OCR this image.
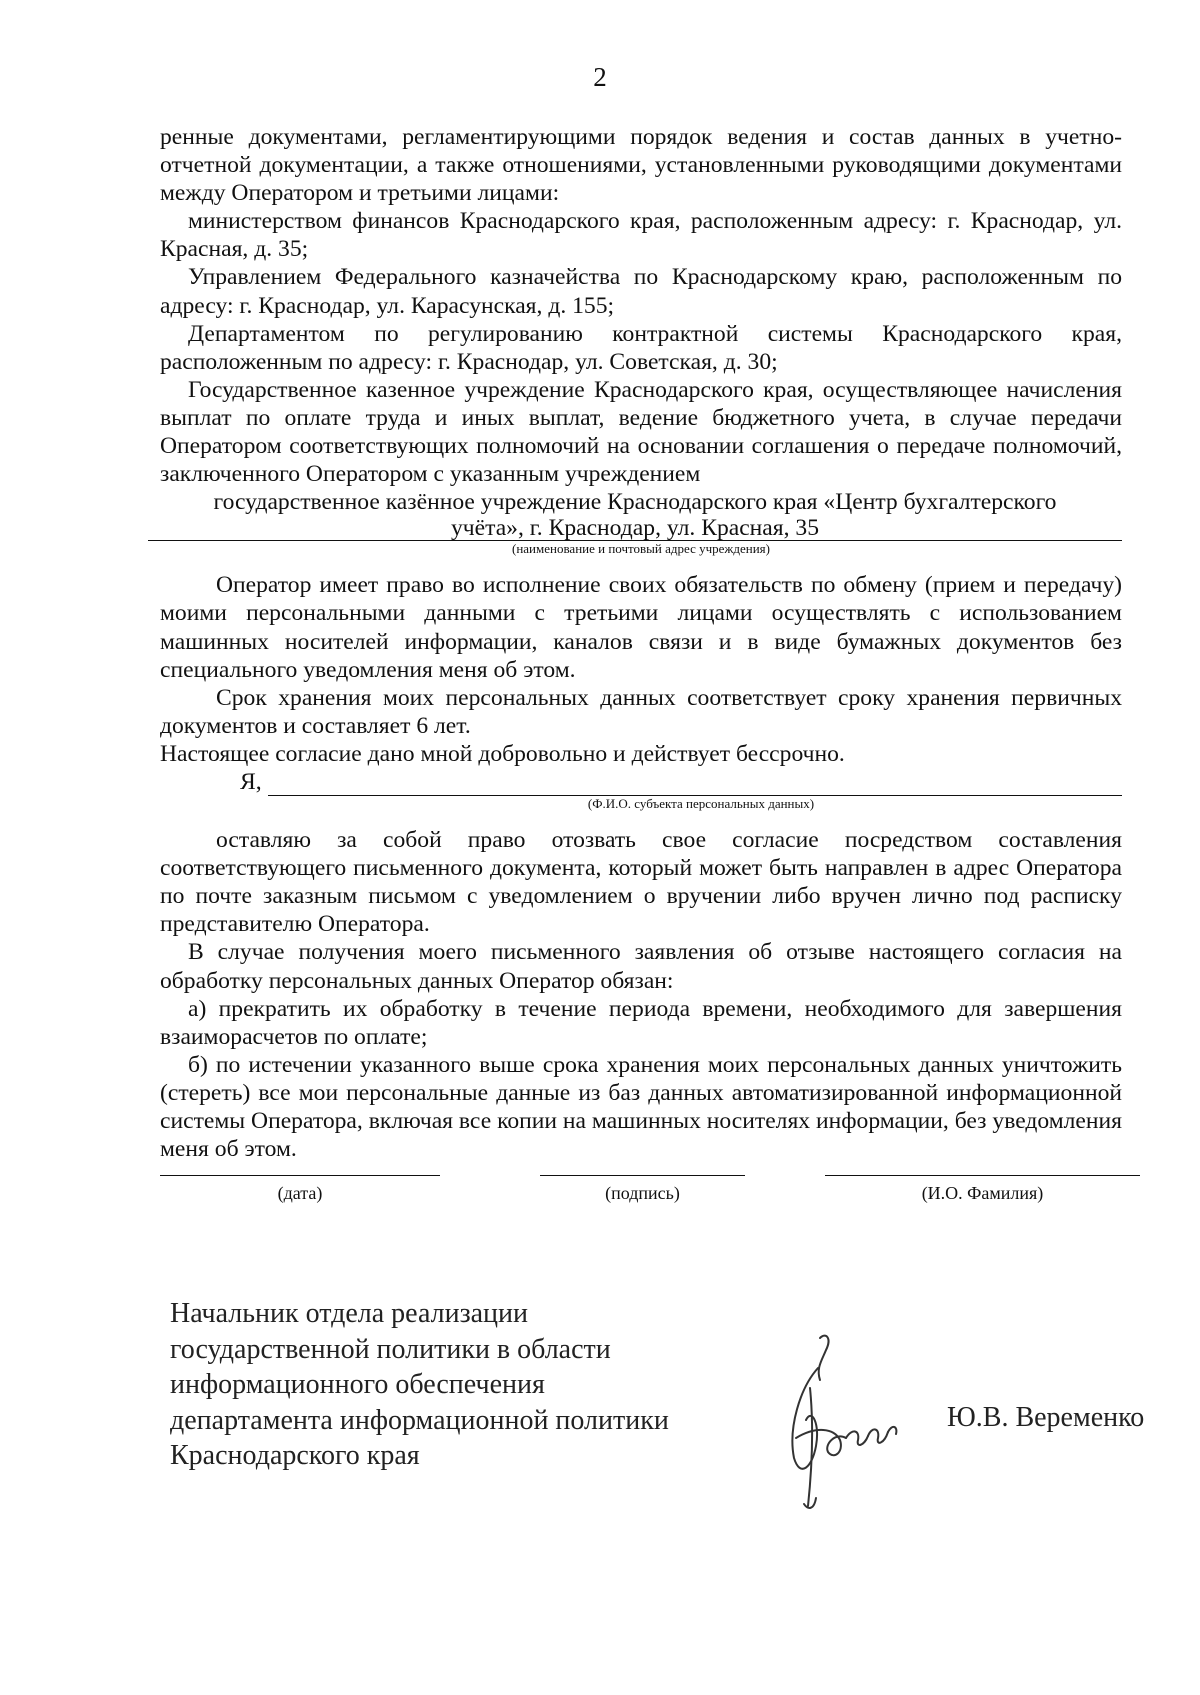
2

ренные документами, регламентирующими порядок ведения и состав данных в учетно-отчетной документации, а также отношениями, установленными руководящими документами между Оператором и третьими лицами:

министерством финансов Краснодарского края, расположенным адресу: г. Краснодар, ул. Красная, д. 35;

Управлением Федерального казначейства по Краснодарскому краю, расположенным по адресу: г. Краснодар, ул. Карасунская, д. 155;

Департаментом по регулированию контрактной системы Краснодарского края, расположенным по адресу: г. Краснодар, ул. Советская, д. 30;

Государственное казенное учреждение Краснодарского края, осуществляющее начисления выплат по оплате труда и иных выплат, ведение бюджетного учета, в случае передачи Оператором соответствующих полномочий на основании соглашения о передаче полномочий, заключенного Оператором с указанным учреждением

государственное казённое учреждение Краснодарского края «Центр бухгалтерского

учёта», г. Краснодар, ул. Красная, 35

(наименование и почтовый адрес учреждения)

Оператор имеет право во исполнение своих обязательств по обмену (прием и передачу) моими персональными данными с третьими лицами осуществлять с использованием машинных носителей информации, каналов связи и в виде бумажных документов без специального уведомления меня об этом.

Срок хранения моих персональных данных соответствует сроку хранения первичных документов и составляет 6 лет.

Настоящее согласие дано мной добровольно и действует бессрочно.

Я,

(Ф.И.О. субъекта персональных данных)

оставляю за собой право отозвать свое согласие посредством составления соответствующего письменного документа, который может быть направлен в адрес Оператора по почте заказным письмом с уведомлением о вручении либо вручен лично под расписку представителю Оператора.

В случае получения моего письменного заявления об отзыве настоящего согласия на обработку персональных данных Оператор обязан:

а) прекратить их обработку в течение периода времени, необходимого для завершения взаиморасчетов по оплате;

б) по истечении указанного выше срока хранения моих персональных данных уничтожить (стереть) все мои персональные данные из баз данных автоматизированной информационной системы Оператора, включая все копии на машинных носителях информации, без уведомления меня об этом.

(дата)	(подпись)	(И.О. Фамилия)

Начальник отдела реализации

государственной политики в области

информационного обеспечения

департамента информационной политики

Краснодарского края

Ю.В. Веременко
